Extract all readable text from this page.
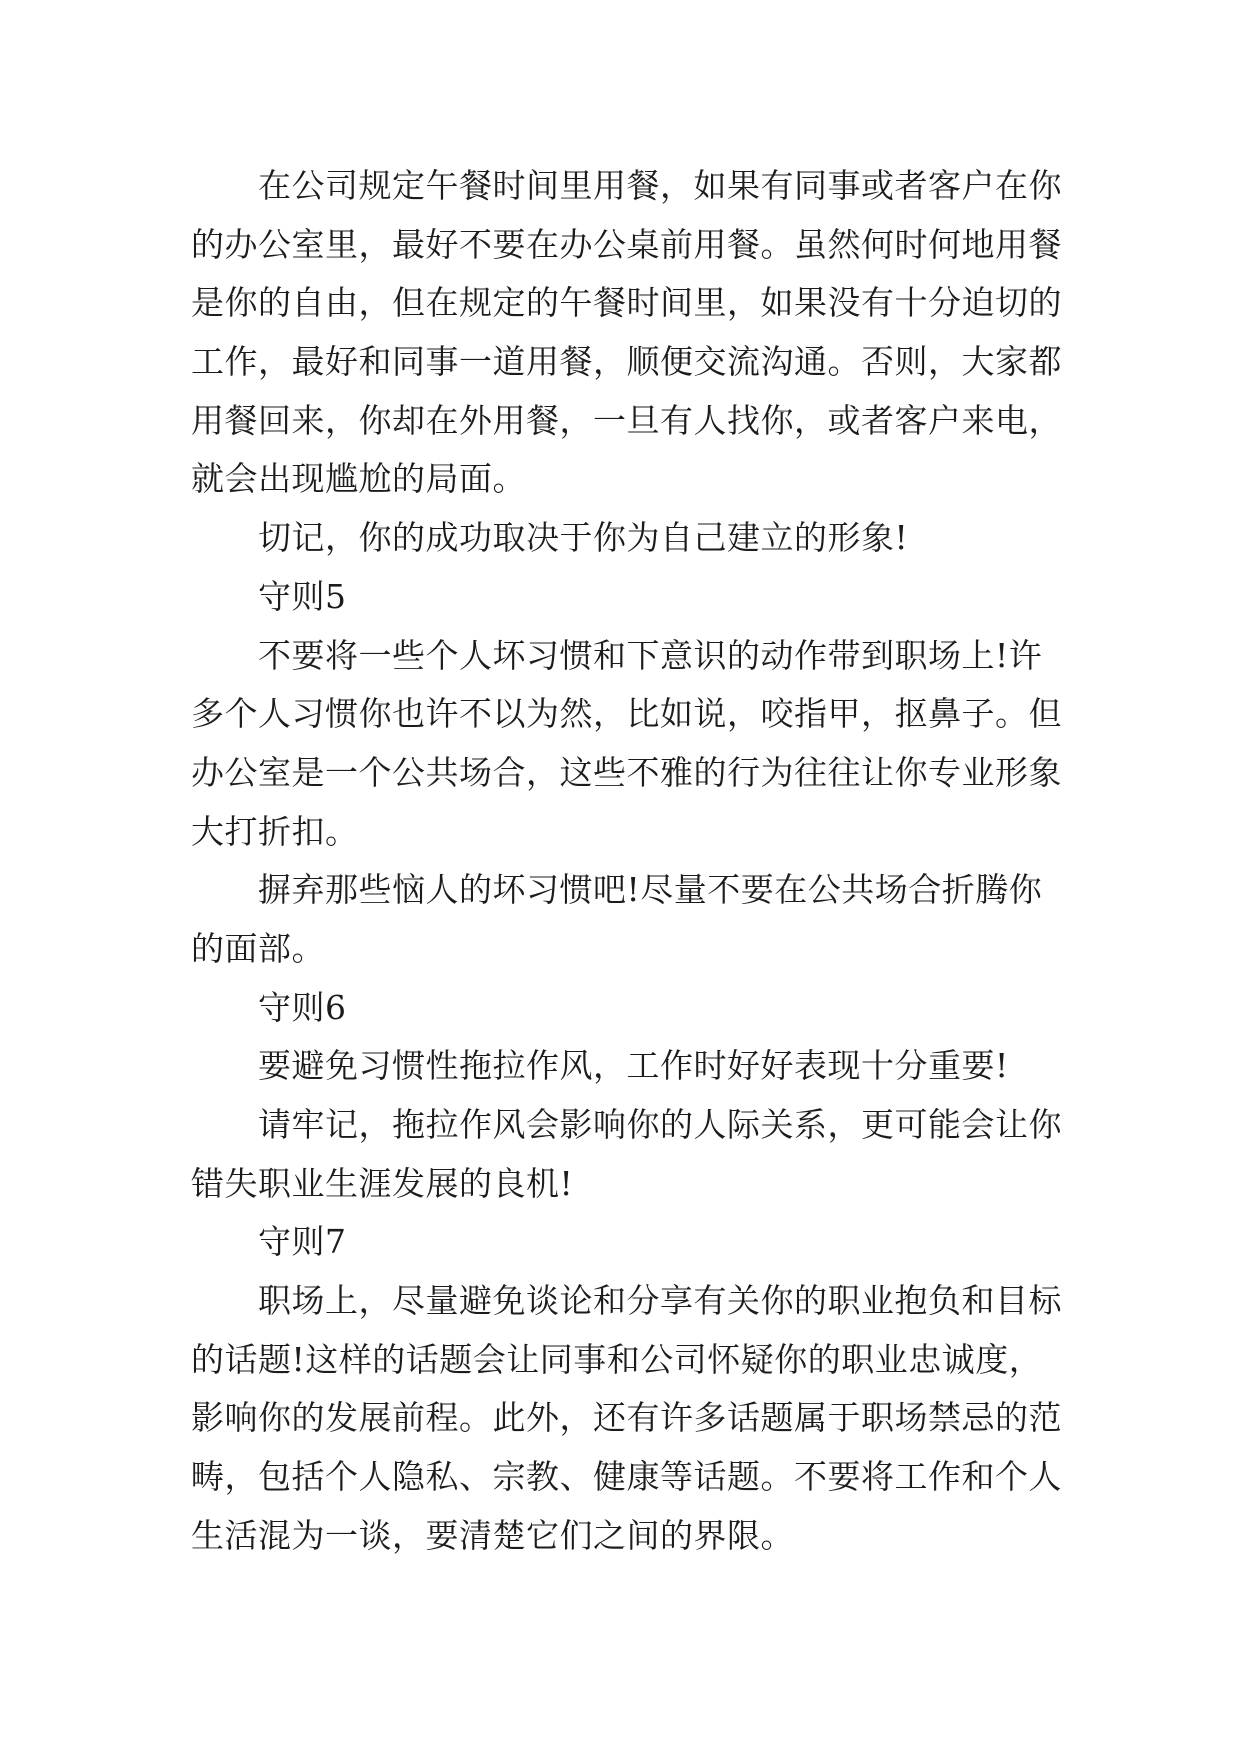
在公司规定午餐时间里用餐，如果有同事或者客户在你
的办公室里，最好不要在办公桌前用餐。虽然何时何地用餐
是你的自由，但在规定的午餐时间里，如果没有十分迫切的
工作，最好和同事一道用餐，顺便交流沟通。否则，大家都
用餐回来，你却在外用餐，一旦有人找你，或者客户来电，
就会出现尴尬的局面。
切记，你的成功取决于你为自己建立的形象!
守则5
不要将一些个人坏习惯和下意识的动作带到职场上!许
多个人习惯你也许不以为然，比如说，咬指甲，抠鼻子。但
办公室是一个公共场合，这些不雅的行为往往让你专业形象
大打折扣。
摒弃那些恼人的坏习惯吧!尽量不要在公共场合折腾你
的面部。
守则6
要避免习惯性拖拉作风，工作时好好表现十分重要!
请牢记，拖拉作风会影响你的人际关系，更可能会让你
错失职业生涯发展的良机!
守则7
职场上，尽量避免谈论和分享有关你的职业抱负和目标
的话题!这样的话题会让同事和公司怀疑你的职业忠诚度，
影响你的发展前程。此外，还有许多话题属于职场禁忌的范
畴，包括个人隐私、宗教、健康等话题。不要将工作和个人
生活混为一谈，要清楚它们之间的界限。
